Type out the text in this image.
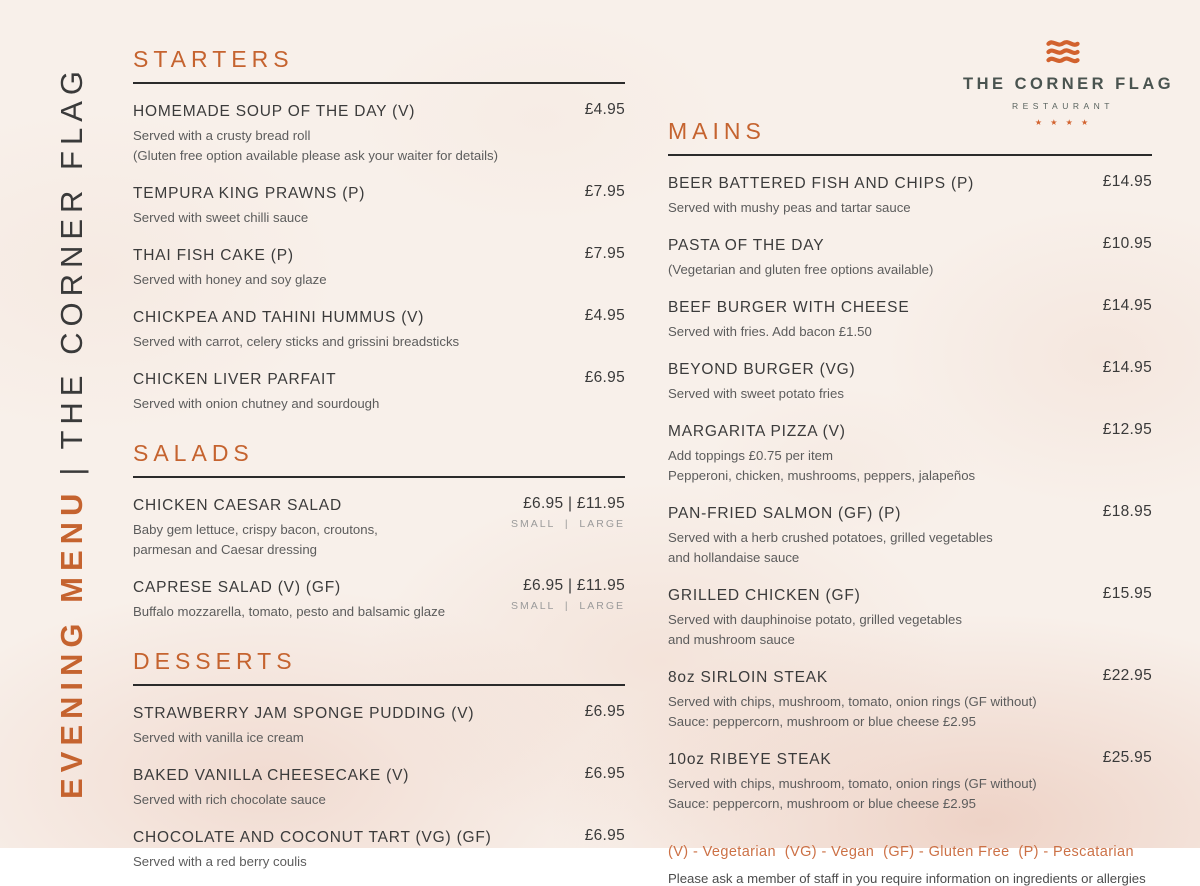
EVENING MENU|THE CORNER FLAG	THE CORNER FLAG
RESTAURANT
★ ★ ★ ★
STARTERS
HOMEMADE SOUP OF THE DAY (V)	£4.95
Served with a crusty bread roll
(Gluten free option available please ask your waiter for details)
TEMPURA KING PRAWNS (P)	£7.95
Served with sweet chilli sauce
THAI FISH CAKE (P)	£7.95
Served with honey and soy glaze
CHICKPEA AND TAHINI HUMMUS (V)	£4.95
Served with carrot, celery sticks and grissini breadsticks
CHICKEN LIVER PARFAIT	£6.95
Served with onion chutney and sourdough
SALADS
CHICKEN CAESAR SALAD	£6.95 | £11.95
SMALL  |  LARGE
Baby gem lettuce, crispy bacon, croutons,
parmesan and Caesar dressing
CAPRESE SALAD (V) (GF)	£6.95 | £11.95
SMALL  |  LARGE
Buffalo mozzarella, tomato, pesto and balsamic glaze
DESSERTS
STRAWBERRY JAM SPONGE PUDDING (V)	£6.95
Served with vanilla ice cream
BAKED VANILLA CHEESECAKE (V)	£6.95
Served with rich chocolate sauce
CHOCOLATE AND COCONUT TART (VG) (GF)	£6.95
Served with a red berry coulis
MAINS
BEER BATTERED FISH AND CHIPS (P)	£14.95
Served with mushy peas and tartar sauce
PASTA OF THE DAY	£10.95
(Vegetarian and gluten free options available)
BEEF BURGER WITH CHEESE	£14.95
Served with fries. Add bacon £1.50
BEYOND BURGER (VG)	£14.95
Served with sweet potato fries
MARGARITA PIZZA (V)	£12.95
Add toppings £0.75 per item
Pepperoni, chicken, mushrooms, peppers, jalapeños
PAN-FRIED SALMON (GF) (P)	£18.95
Served with a herb crushed potatoes, grilled vegetables
and hollandaise sauce
GRILLED CHICKEN (GF)	£15.95
Served with dauphinoise potato, grilled vegetables
and mushroom sauce
8oz SIRLOIN STEAK	£22.95
Served with chips, mushroom, tomato, onion rings (GF without)
Sauce: peppercorn, mushroom or blue cheese £2.95
10oz RIBEYE STEAK	£25.95
Served with chips, mushroom, tomato, onion rings (GF without)
Sauce: peppercorn, mushroom or blue cheese £2.95
(V) - Vegetarian  (VG) - Vegan  (GF) - Gluten Free  (P) - Pescatarian
Please ask a member of staff in you require information on ingredients or allergies
